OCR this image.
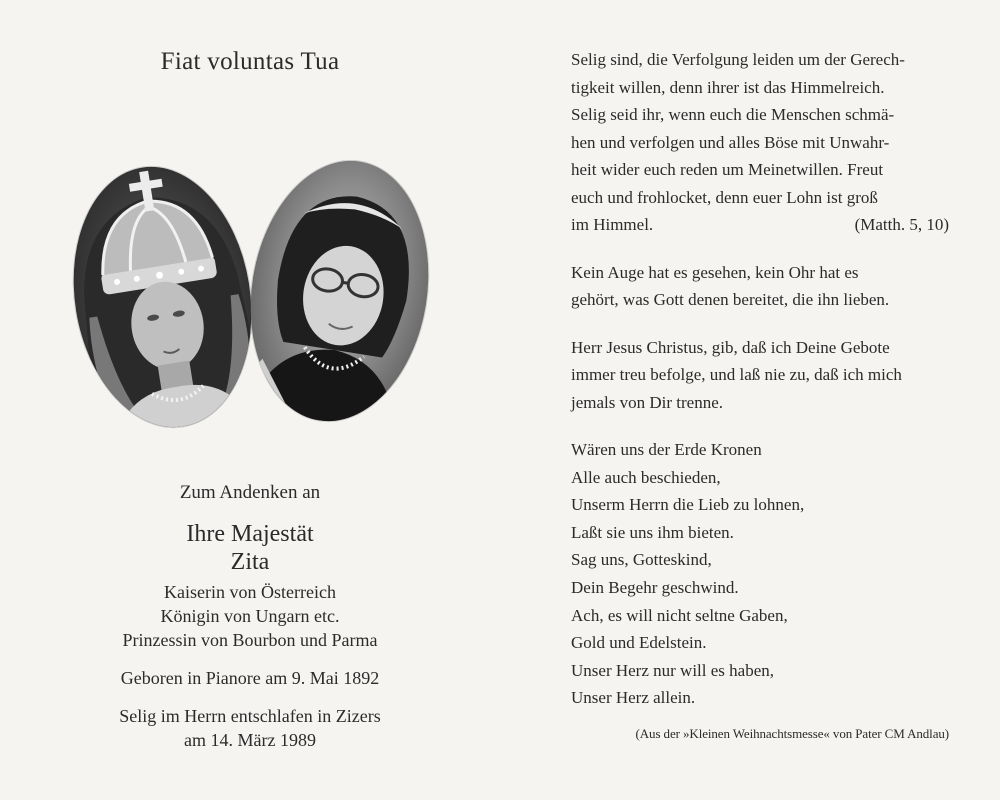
Fiat voluntas Tua
Zum Andenken an
Ihre Majestät
Zita
Kaiserin von Österreich
Königin von Ungarn etc.
Prinzessin von Bourbon und Parma
Geboren in Pianore am 9. Mai 1892
Selig im Herrn entschlafen in Zizers
am 14. März 1989
Selig sind, die Verfolgung leiden um der Gerech-
tigkeit willen, denn ihrer ist das Himmelreich.
Selig seid ihr, wenn euch die Menschen schmä-
hen und verfolgen und alles Böse mit Unwahr-
heit wider euch reden um Meinetwillen. Freut
euch und frohlocket, denn euer Lohn ist groß
im Himmel.	(Matth. 5, 10)
Kein Auge hat es gesehen, kein Ohr hat es
gehört, was Gott denen bereitet, die ihn lieben.
Herr Jesus Christus, gib, daß ich Deine Gebote
immer treu befolge, und laß nie zu, daß ich mich
jemals von Dir trenne.
Wären uns der Erde Kronen
Alle auch beschieden,
Unserm Herrn die Lieb zu lohnen,
Laßt sie uns ihm bieten.
Sag uns, Gotteskind,
Dein Begehr geschwind.
Ach, es will nicht seltne Gaben,
Gold und Edelstein.
Unser Herz nur will es haben,
Unser Herz allein.
(Aus der »Kleinen Weihnachtsmesse« von Pater CM Andlau)
